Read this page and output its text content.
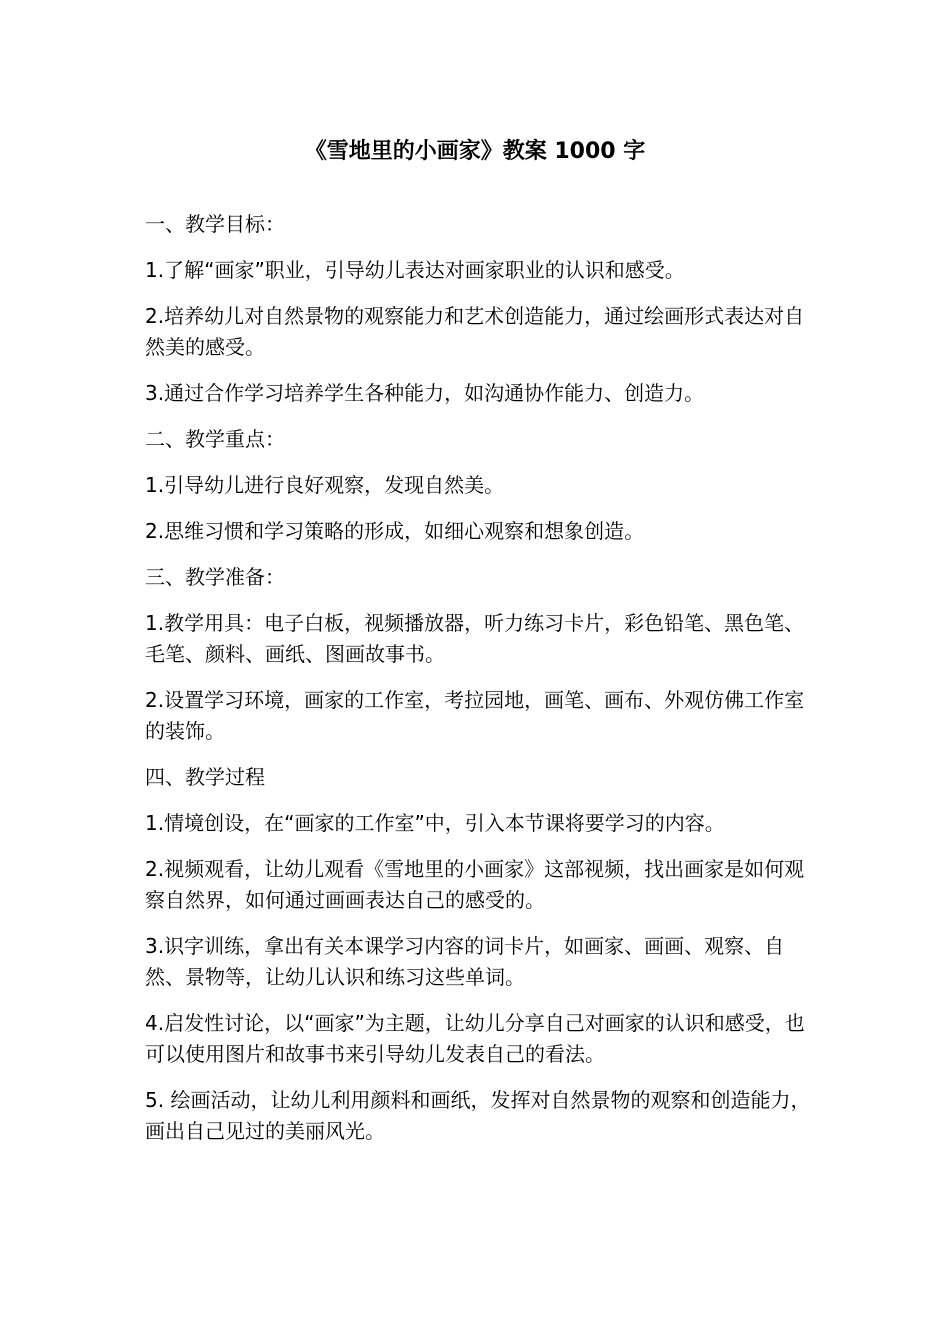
《雪地里的小画家》教案 1000 字

一、教学目标：

1.了解“画家”职业，引导幼儿表达对画家职业的认识和感受。

2.培养幼儿对自然景物的观察能力和艺术创造能力，通过绘画形式表达对自然美的感受。

3.通过合作学习培养学生各种能力，如沟通协作能力、创造力。

二、教学重点：

1.引导幼儿进行良好观察，发现自然美。

2.思维习惯和学习策略的形成，如细心观察和想象创造。

三、教学准备：

1.教学用具：电子白板，视频播放器，听力练习卡片，彩色铅笔、黑色笔、毛笔、颜料、画纸、图画故事书。

2.设置学习环境，画家的工作室，考拉园地，画笔、画布、外观仿佛工作室的装饰。

四、教学过程

1.情境创设，在“画家的工作室”中，引入本节课将要学习的内容。

2.视频观看，让幼儿观看《雪地里的小画家》这部视频，找出画家是如何观察自然界，如何通过画画表达自己的感受的。

3.识字训练，拿出有关本课学习内容的词卡片，如画家、画画、观察、自然、景物等，让幼儿认识和练习这些单词。

4.启发性讨论，以“画家”为主题，让幼儿分享自己对画家的认识和感受，也可以使用图片和故事书来引导幼儿发表自己的看法。

5. 绘画活动，让幼儿利用颜料和画纸，发挥对自然景物的观察和创造能力，画出自己见过的美丽风光。
